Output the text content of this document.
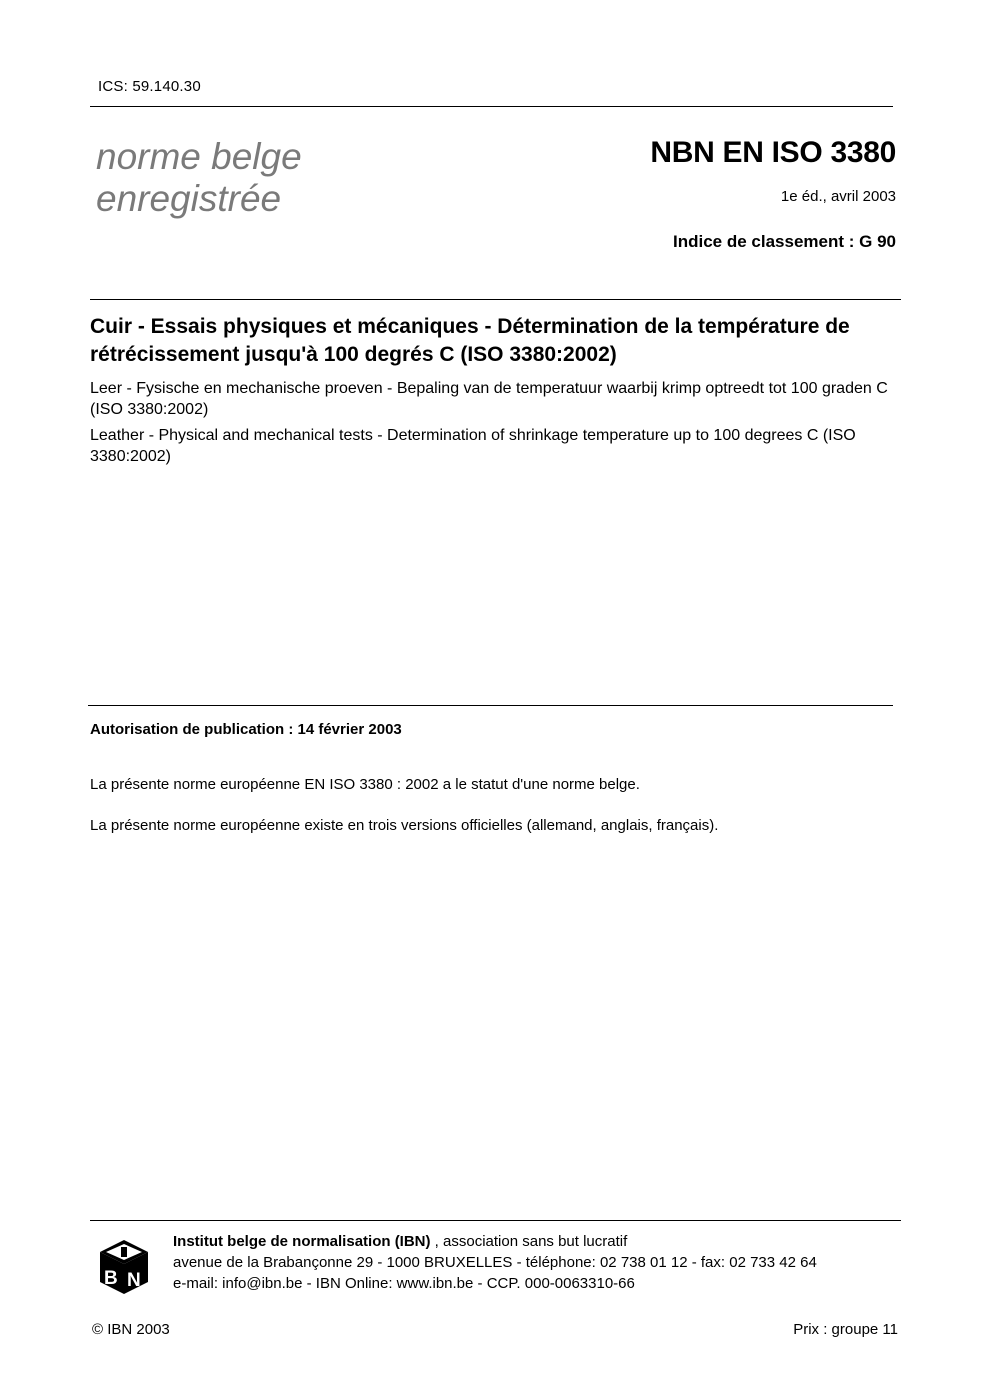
ICS: 59.140.30
norme belge
enregistrée
NBN EN ISO 3380
1e éd., avril 2003
Indice de classement : G 90
Cuir - Essais physiques et mécaniques - Détermination de la température de rétrécissement jusqu'à 100 degrés C (ISO 3380:2002)
Leer - Fysische en mechanische proeven - Bepaling van de temperatuur waarbij krimp optreedt tot 100 graden C (ISO 3380:2002)
Leather - Physical and mechanical tests - Determination of shrinkage temperature up to 100 degrees C (ISO 3380:2002)
Autorisation de publication : 14 février 2003
La présente norme européenne EN ISO 3380 : 2002 a le statut d'une norme belge.
La présente norme européenne existe en trois versions officielles (allemand, anglais, français).
B N
Institut belge de normalisation (IBN) , association sans but lucratif
avenue de la Brabançonne 29 - 1000 BRUXELLES - téléphone: 02 738 01 12 - fax: 02 733 42 64
e-mail: info@ibn.be - IBN Online: www.ibn.be - CCP. 000-0063310-66
© IBN 2003	Prix : groupe 11
